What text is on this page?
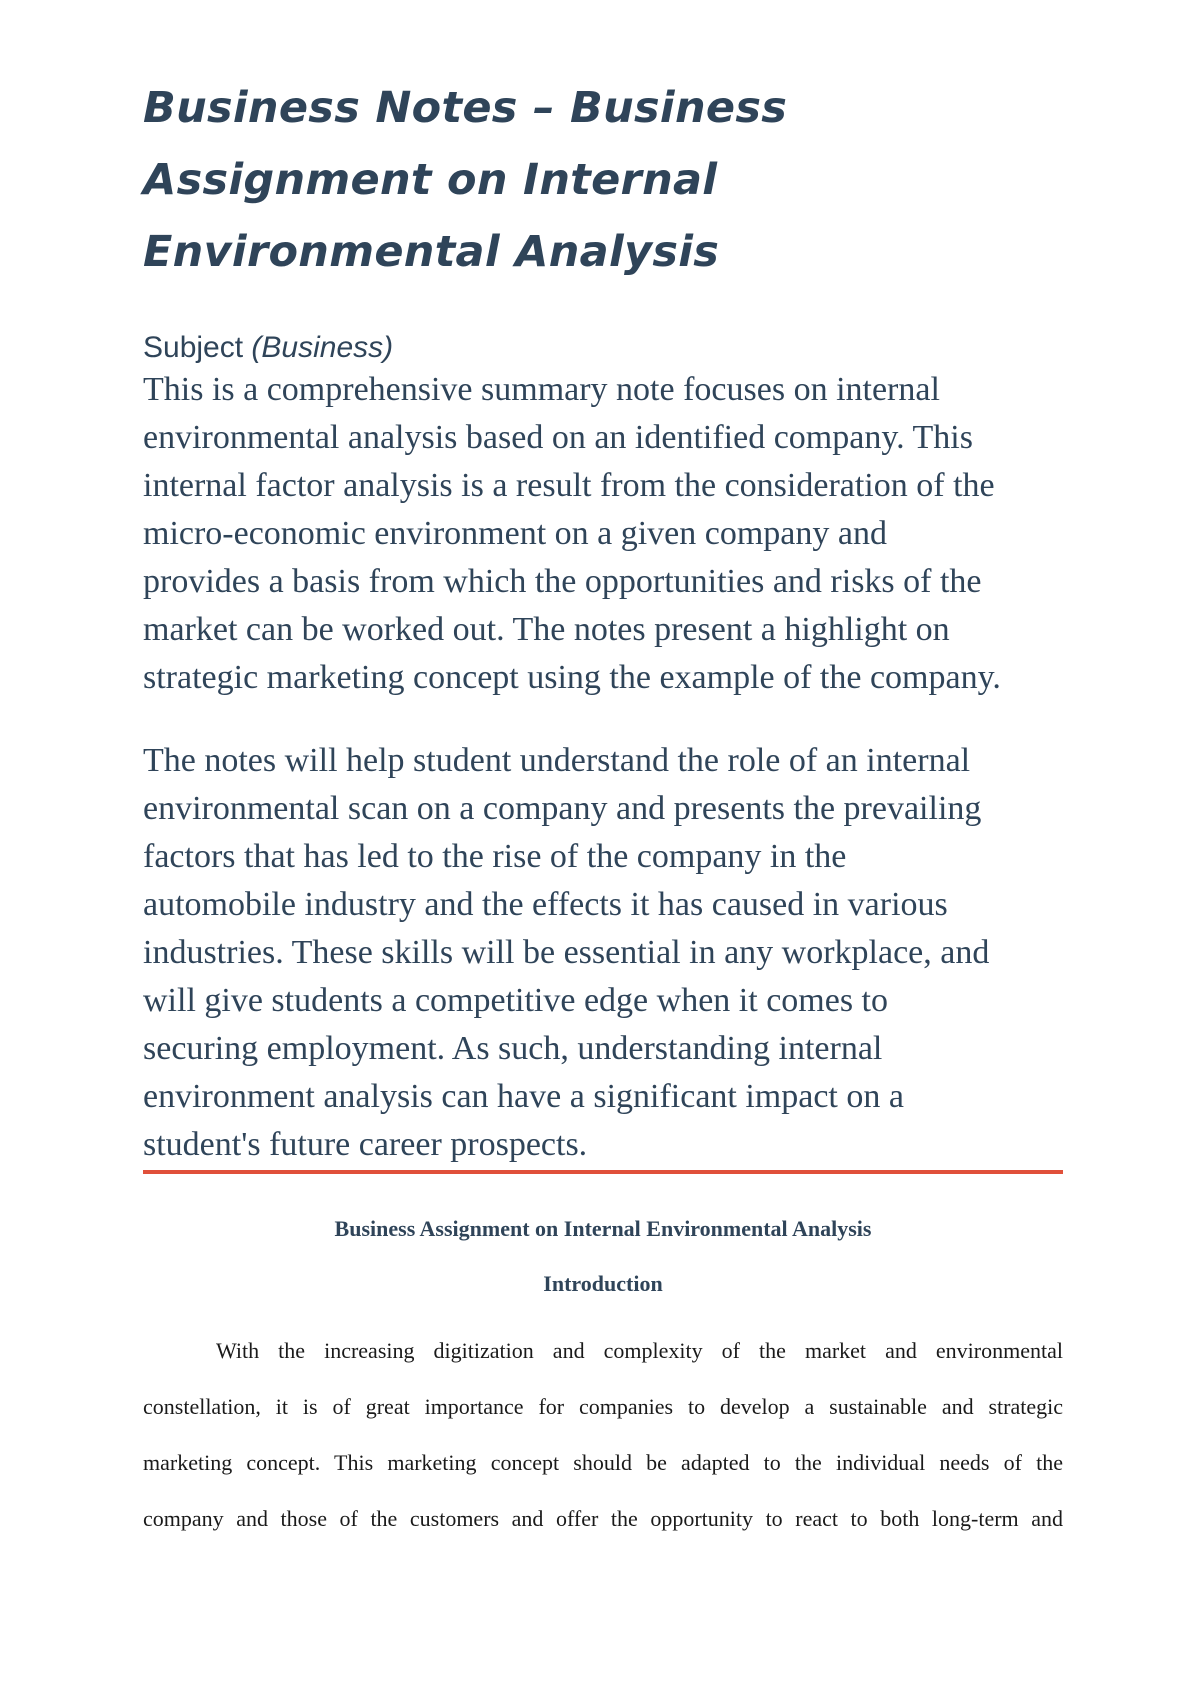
Business Notes – Business
Assignment on Internal
Environmental Analysis
Subject (Business)

This is a comprehensive summary note focuses on internal
environmental analysis based on an identified company. This
internal factor analysis is a result from the consideration of the
micro-economic environment on a given company and
provides a basis from which the opportunities and risks of the
market can be worked out. The notes present a highlight on
strategic marketing concept using the example of the company.

The notes will help student understand the role of an internal
environmental scan on a company and presents the prevailing
factors that has led to the rise of the company in the
automobile industry and the effects it has caused in various
industries. These skills will be essential in any workplace, and
will give students a competitive edge when it comes to
securing employment. As such, understanding internal
environment analysis can have a significant impact on a
student's future career prospects.

Business Assignment on Internal Environmental Analysis

Introduction

With the increasing digitization and complexity of the market and environmental
constellation, it is of great importance for companies to develop a sustainable and strategic
marketing concept. This marketing concept should be adapted to the individual needs of the
company and those of the customers and offer the opportunity to react to both long-term and
